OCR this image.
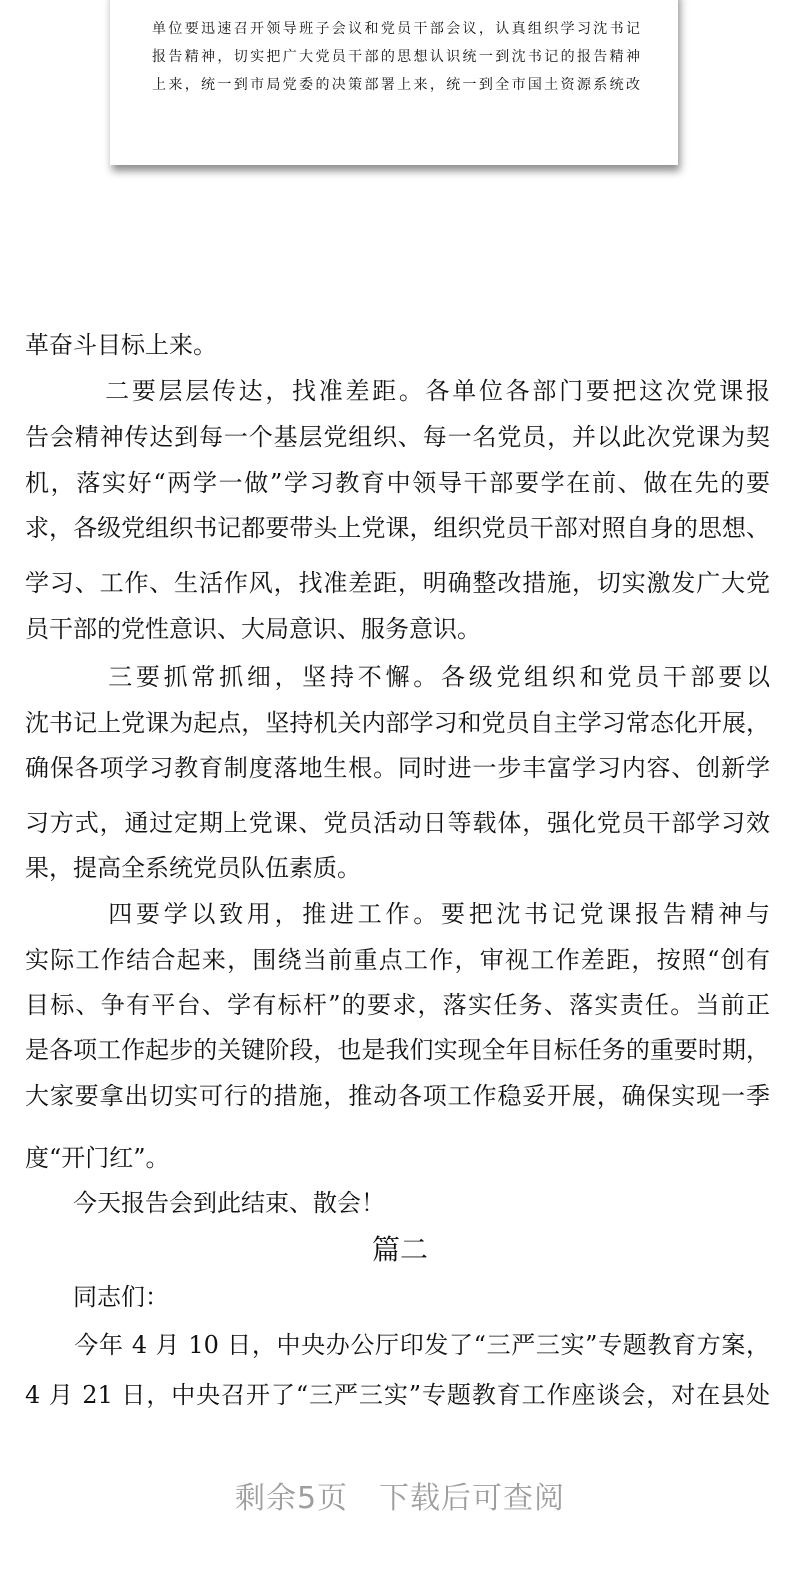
单位要迅速召开领导班子会议和党员干部会议，认真组织学习沈书记
报告精神，切实把广大党员干部的思想认识统一到沈书记的报告精神
上来，统一到市局党委的决策部署上来，统一到全市国土资源系统改
革奋斗目标上来。
　　　二要层层传达，找准差距。各单位各部门要把这次党课报
告会精神传达到每一个基层党组织、每一名党员，并以此次党课为契
机，落实好“两学一做”学习教育中领导干部要学在前、做在先的要
求，各级党组织书记都要带头上党课，组织党员干部对照自身的思想、
学习、工作、生活作风，找准差距，明确整改措施，切实激发广大党
员干部的党性意识、大局意识、服务意识。
　　　三要抓常抓细，坚持不懈。各级党组织和党员干部要以
沈书记上党课为起点，坚持机关内部学习和党员自主学习常态化开展，
确保各项学习教育制度落地生根。同时进一步丰富学习内容、创新学
习方式，通过定期上党课、党员活动日等载体，强化党员干部学习效
果，提高全系统党员队伍素质。
　　　四要学以致用，推进工作。要把沈书记党课报告精神与
实际工作结合起来，围绕当前重点工作，审视工作差距，按照“创有
目标、争有平台、学有标杆”的要求，落实任务、落实责任。当前正
是各项工作起步的关键阶段，也是我们实现全年目标任务的重要时期，
大家要拿出切实可行的措施，推动各项工作稳妥开展，确保实现一季
度“开门红”。
　　今天报告会到此结束、散会！
篇二
　　同志们：
　　今年 4 月 10 日，中央办公厅印发了“三严三实”专题教育方案，
4 月 21 日，中央召开了“三严三实”专题教育工作座谈会，对在县处
剩余5页　下载后可查阅
